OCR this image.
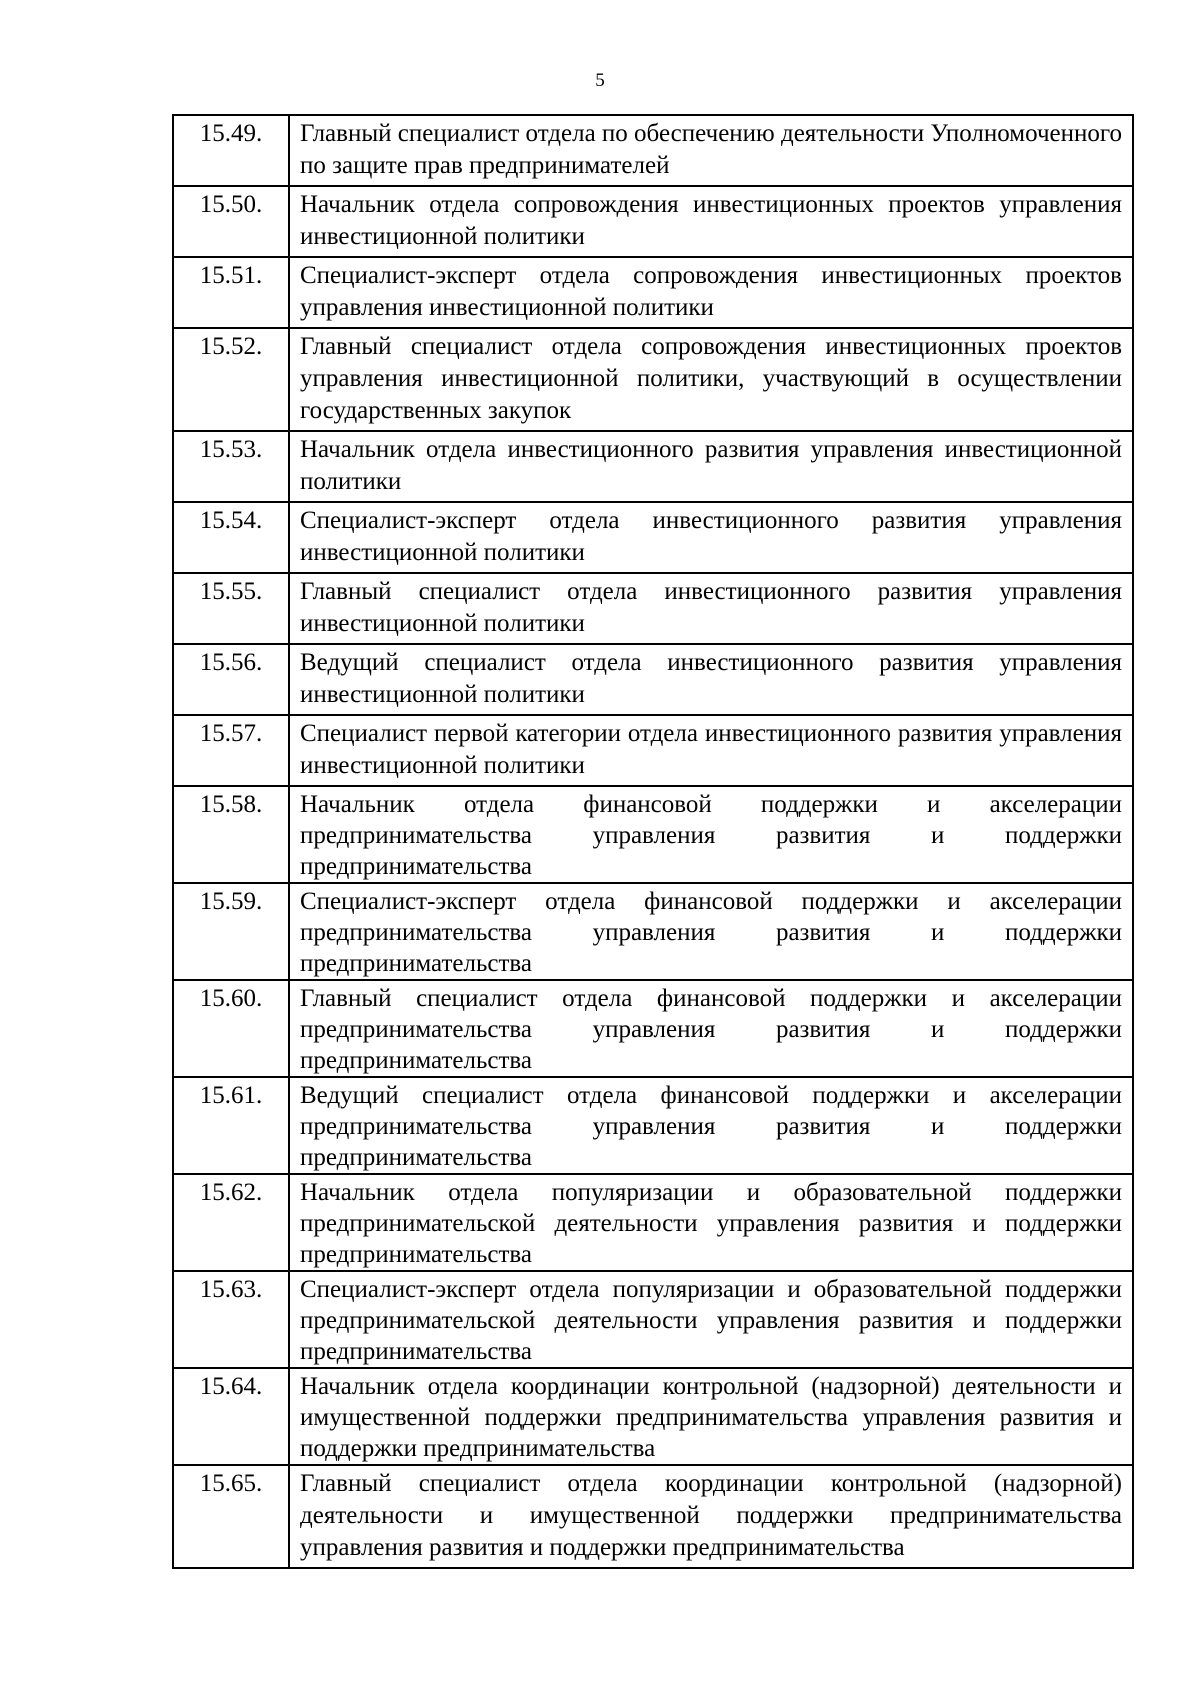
5
15.49.	Главный специалист отдела по обеспечению деятельности Уполномоченного по защите прав предпринимателей
15.50.	Начальник отдела сопровождения инвестиционных проектов управления инвестиционной политики
15.51.	Специалист-эксперт отдела сопровождения инвестиционных проектов управления инвестиционной политики
15.52.	Главный специалист отдела сопровождения инвестиционных проектов управления инвестиционной политики, участвующий в осуществлении государственных закупок
15.53.	Начальник отдела инвестиционного развития управления инвестиционной политики
15.54.	Специалист-эксперт отдела инвестиционного развития управления инвестиционной политики
15.55.	Главный специалист отдела инвестиционного развития управления инвестиционной политики
15.56.	Ведущий специалист отдела инвестиционного развития управления инвестиционной политики
15.57.	Специалист первой категории отдела инвестиционного развития управления инвестиционной политики
15.58.	Начальник отдела финансовой поддержки и акселерации предпринимательства управления развития и поддержки предпринимательства
15.59.	Специалист-эксперт отдела финансовой поддержки и акселерации предпринимательства управления развития и поддержки предпринимательства
15.60.	Главный специалист отдела финансовой поддержки и акселерации предпринимательства управления развития и поддержки предпринимательства
15.61.	Ведущий специалист отдела финансовой поддержки и акселерации предпринимательства управления развития и поддержки предпринимательства
15.62.	Начальник отдела популяризации и образовательной поддержки предпринимательской деятельности управления развития и поддержки предпринимательства
15.63.	Специалист-эксперт отдела популяризации и образовательной поддержки предпринимательской деятельности управления развития и поддержки предпринимательства
15.64.	Начальник отдела координации контрольной (надзорной) деятельности и имущественной поддержки предпринимательства управления развития и поддержки предпринимательства
15.65.	Главный специалист отдела координации контрольной (надзорной) деятельности и имущественной поддержки предпринимательства управления развития и поддержки предпринимательства
